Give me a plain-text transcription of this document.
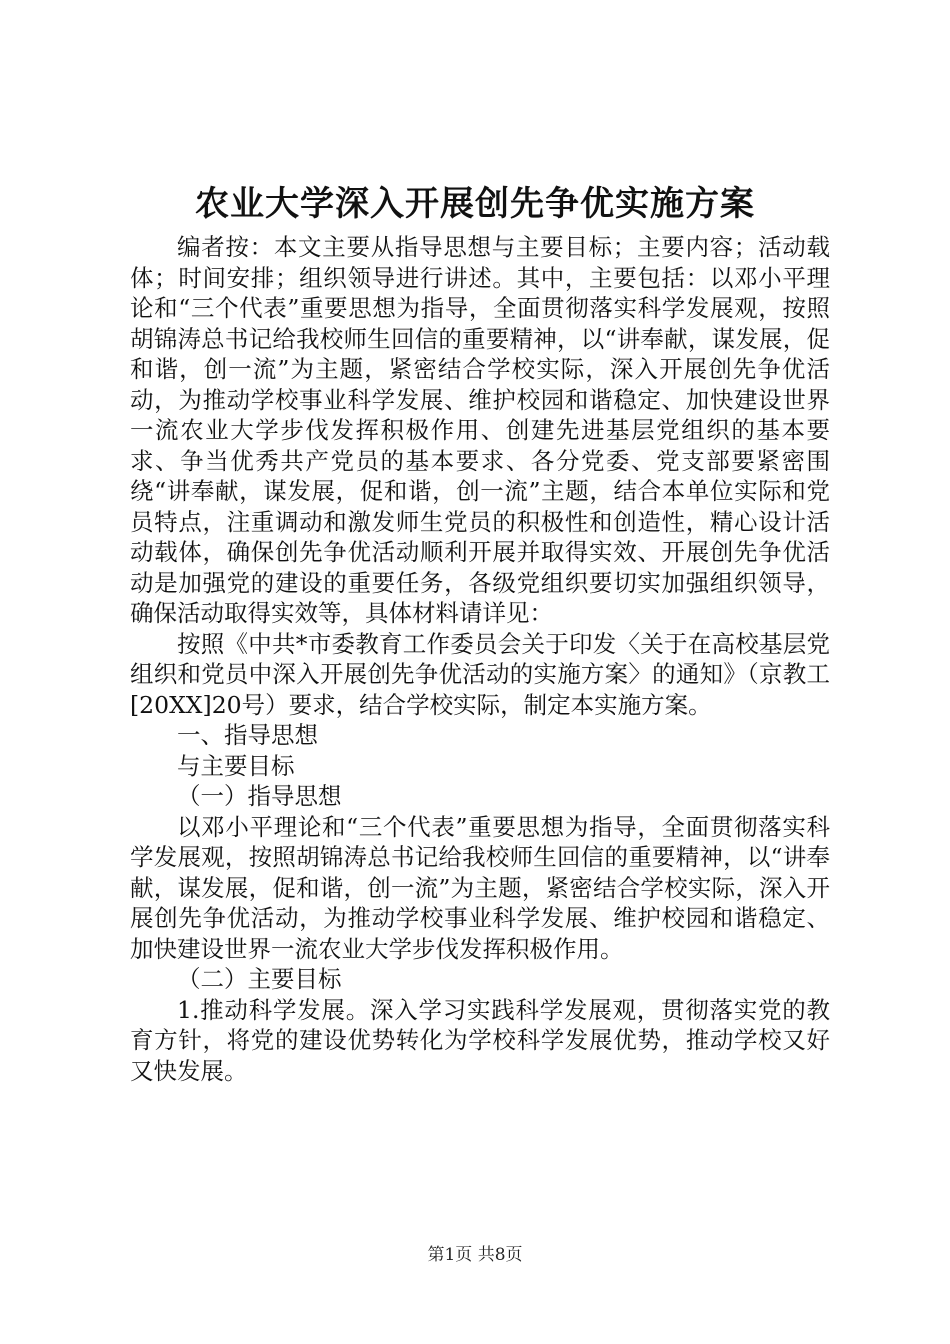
农业大学深入开展创先争优实施方案

编者按：本文主要从指导思想与主要目标；主要内容；活动载体；时间安排；组织领导进行讲述。其中，主要包括：以邓小平理论和“三个代表”重要思想为指导，全面贯彻落实科学发展观，按照胡锦涛总书记给我校师生回信的重要精神，以“讲奉献，谋发展，促和谐，创一流”为主题，紧密结合学校实际，深入开展创先争优活动，为推动学校事业科学发展、维护校园和谐稳定、加快建设世界一流农业大学步伐发挥积极作用、创建先进基层党组织的基本要求、争当优秀共产党员的基本要求、各分党委、党支部要紧密围绕“讲奉献，谋发展，促和谐，创一流”主题，结合本单位实际和党员特点，注重调动和激发师生党员的积极性和创造性，精心设计活动载体，确保创先争优活动顺利开展并取得实效、开展创先争优活动是加强党的建设的重要任务，各级党组织要切实加强组织领导，确保活动取得实效等，具体材料请详见：

按照《中共*市委教育工作委员会关于印发〈关于在高校基层党组织和党员中深入开展创先争优活动的实施方案〉的通知》（京教工[20XX]20号）要求，结合学校实际，制定本实施方案。

一、指导思想

与主要目标

（一）指导思想

以邓小平理论和“三个代表”重要思想为指导，全面贯彻落实科学发展观，按照胡锦涛总书记给我校师生回信的重要精神，以“讲奉献，谋发展，促和谐，创一流”为主题，紧密结合学校实际，深入开展创先争优活动，为推动学校事业科学发展、维护校园和谐稳定、加快建设世界一流农业大学步伐发挥积极作用。

（二）主要目标

1.推动科学发展。深入学习实践科学发展观，贯彻落实党的教育方针，将党的建设优势转化为学校科学发展优势，推动学校又好又快发展。

第1页 共8页
